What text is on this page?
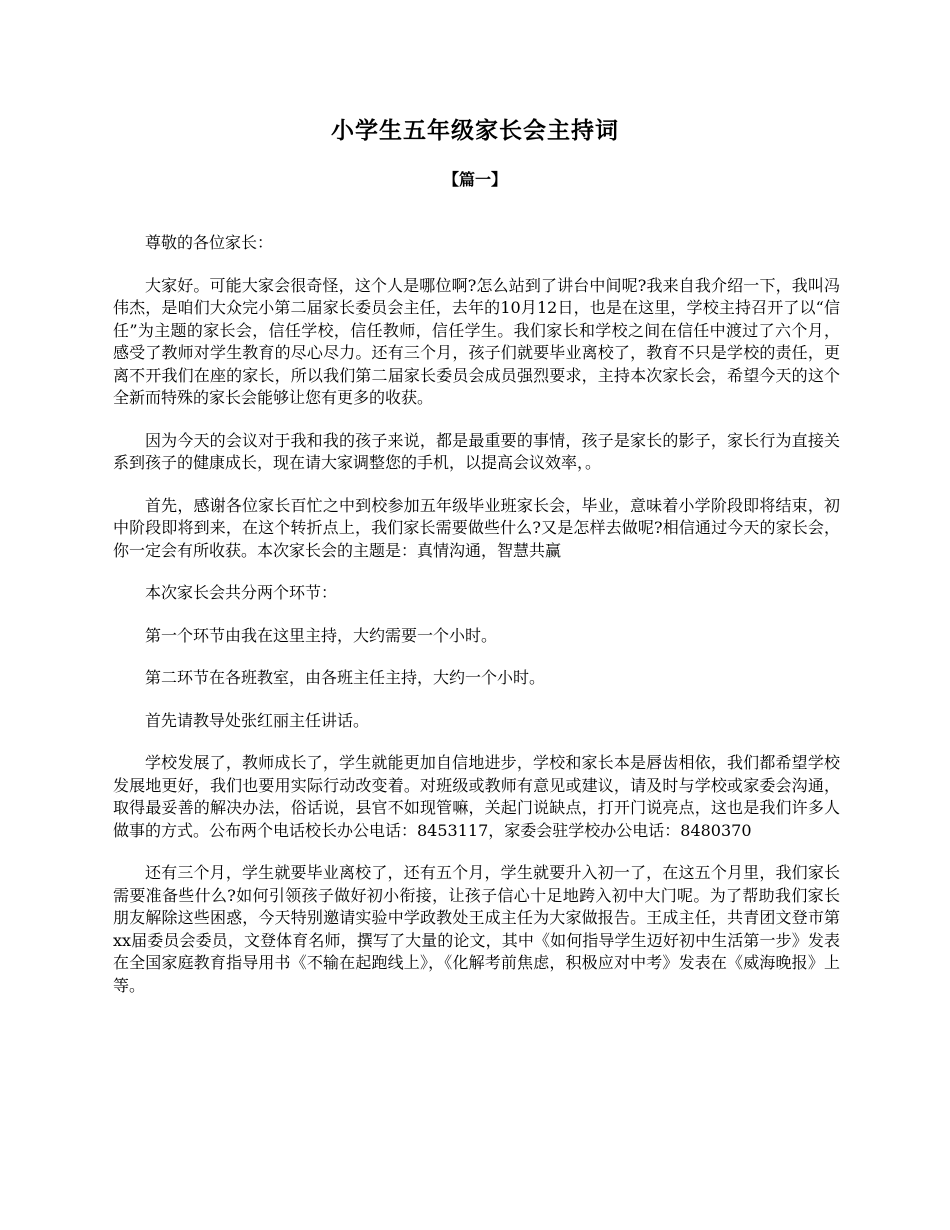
小学生五年级家长会主持词
【篇一】

尊敬的各位家长：

大家好。可能大家会很奇怪，这个人是哪位啊?怎么站到了讲台中间呢?我来自我介绍一下，我叫冯伟杰，是咱们大众完小第二届家长委员会主任，去年的10月12日，也是在这里，学校主持召开了以“信任”为主题的家长会，信任学校，信任教师，信任学生。我们家长和学校之间在信任中渡过了六个月，感受了教师对学生教育的尽心尽力。还有三个月，孩子们就要毕业离校了，教育不只是学校的责任，更离不开我们在座的家长，所以我们第二届家长委员会成员强烈要求，主持本次家长会，希望今天的这个全新而特殊的家长会能够让您有更多的收获。

因为今天的会议对于我和我的孩子来说，都是最重要的事情，孩子是家长的影子，家长行为直接关系到孩子的健康成长，现在请大家调整您的手机，以提高会议效率，。

首先，感谢各位家长百忙之中到校参加五年级毕业班家长会，毕业，意味着小学阶段即将结束，初中阶段即将到来，在这个转折点上，我们家长需要做些什么?又是怎样去做呢?相信通过今天的家长会，你一定会有所收获。本次家长会的主题是：真情沟通，智慧共赢

本次家长会共分两个环节：

第一个环节由我在这里主持，大约需要一个小时。

第二环节在各班教室，由各班主任主持，大约一个小时。

首先请教导处张红丽主任讲话。

学校发展了，教师成长了，学生就能更加自信地进步，学校和家长本是唇齿相依，我们都希望学校发展地更好，我们也要用实际行动改变着。对班级或教师有意见或建议，请及时与学校或家委会沟通，取得最妥善的解决办法，俗话说，县官不如现管嘛，关起门说缺点，打开门说亮点，这也是我们许多人做事的方式。公布两个电话校长办公电话：8453117，家委会驻学校办公电话：8480370

还有三个月，学生就要毕业离校了，还有五个月，学生就要升入初一了，在这五个月里，我们家长需要准备些什么?如何引领孩子做好初小衔接，让孩子信心十足地跨入初中大门呢。为了帮助我们家长朋友解除这些困惑，今天特别邀请实验中学政教处王成主任为大家做报告。王成主任，共青团文登市第xx届委员会委员，文登体育名师，撰写了大量的论文，其中《如何指导学生迈好初中生活第一步》发表在全国家庭教育指导用书《不输在起跑线上》，《化解考前焦虑，积极应对中考》发表在《威海晚报》上等。
